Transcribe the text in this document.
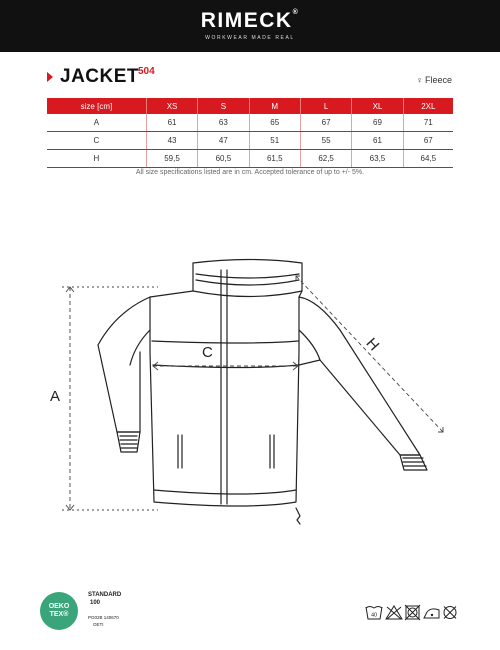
RIMECK®
WORKWEAR MADE REAL
JACKET
504
♀ Fleece
size [cm]	XS	S	M	L	XL	2XL
A	61	63	65	67	69	71
C	43	47	51	55	61	67
H	59,5	60,5	61,5	62,5	63,5	64,5
All size specifications listed are in cm. Accepted tolerance of up to +/- 5%.
A
C	H
OEKO
TEX®
STANDARD
100
PG02B 140670
OETI
40
